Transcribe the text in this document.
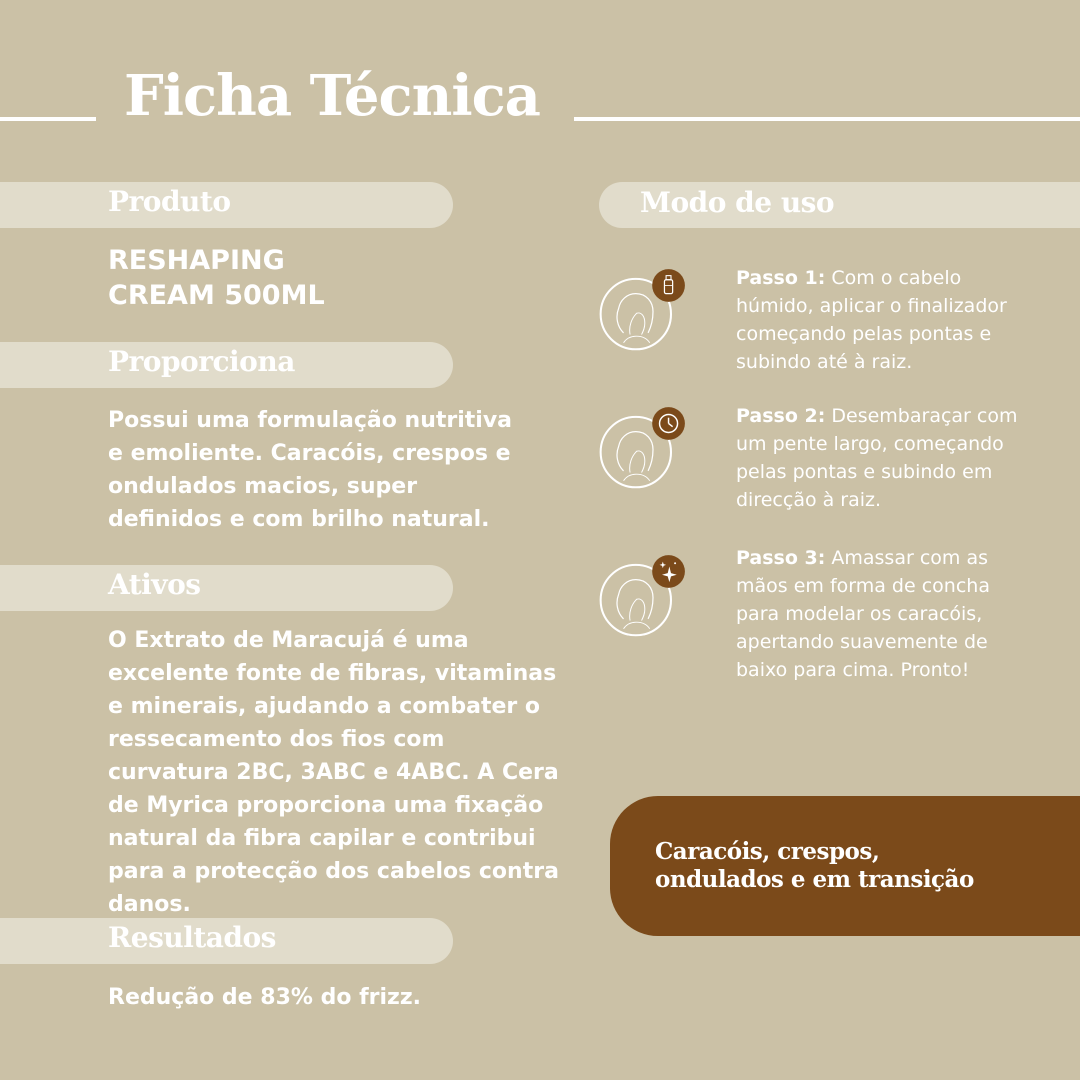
Ficha Técnica
Produto
RESHAPING
CREAM 500ML
Proporciona

Possui uma formulação nutritiva e emoliente. Caracóis, crespos e ondulados macios, super definidos e com brilho natural.

Ativos

O Extrato de Maracujá é uma excelente fonte de fibras, vitaminas e minerais, ajudando a combater o ressecamento dos fios com curvatura 2BC, 3ABC e 4ABC. A Cera de Myrica proporciona uma fixação natural da fibra capilar e contribui para a protecção dos cabelos contra danos.

Resultados

Redução de 83% do frizz.

Modo de uso
Passo 1: Com o cabelo húmido, aplicar o finalizador começando pelas pontas e subindo até à raiz.
Passo 2: Desembaraçar com um pente largo, começando pelas pontas e subindo em direcção à raiz.
Passo 3: Amassar com as mãos em forma de concha para modelar os caracóis, apertando suavemente de baixo para cima. Pronto!
Caracóis, crespos,
ondulados e em transição
